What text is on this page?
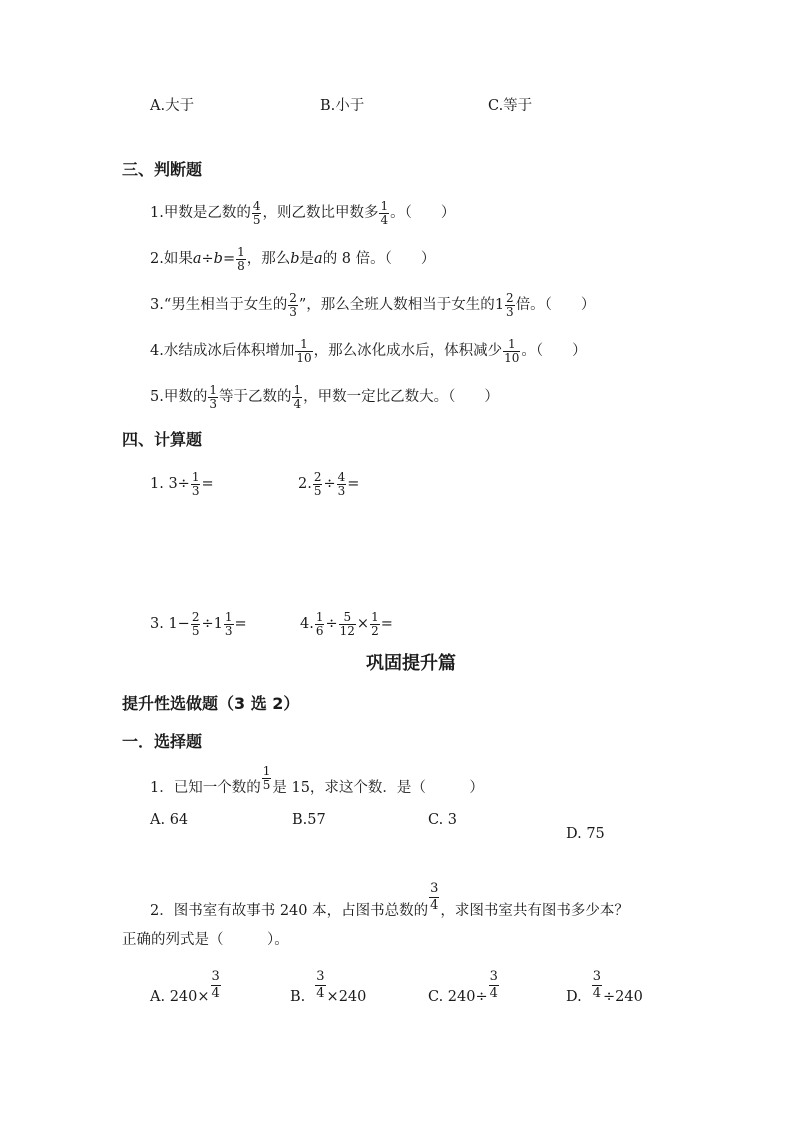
A.大于	B.小于	C.等于
三、判断题
1.甲数是乙数的 $\frac{4}{5}$ ，则乙数比甲数多 $\frac{1}{4}$ 。（　　）
2.如果 $a \div b = \frac{1}{8}$ ，那么 b 是 a 的 8 倍。（　　）
3.“男生相当于女生的 $\frac{2}{3}$ ”，那么全班人数相当于女生的 $1 \frac{2}{3}$ 倍。（　　）
4.水结成冰后体积增加 $\frac{1}{10}$ ，那么冰化成水后，体积减少 $\frac{1}{10}$ 。（　　）
5.甲数的 $\frac{1}{3}$ 等于乙数的 $\frac{1}{4}$ ，甲数一定比乙数大。（　　）
四、计算题
1. $3\div \frac{1}{3}$ =	2. $\frac{2}{5} \div \frac{4}{3}$ =
3. $1- \frac{2}{5} \div 1 \frac{1}{3}$ =	4. $\frac{1}{6} \div \frac{5}{12} \times \frac{1}{2}$ =
巩固提升篇
提升性选做题（3 选 2）
一．选择题
1．已知一个数的 $\frac{1}{5}$ 是 15，求这个数．是（　　　）
A. 64	B.57	C. 3
D. 75
2．图书室有故事书 240 本，占图书总数的 $\frac{3}{4}$ ，求图书室共有图书多少本？
正确的列式是（　　　）。
A. $240\times \frac{3}{4}$	B. $\frac{3}{4} \times 240$	C. $240\div \frac{3}{4}$	D. $\frac{3}{4} \div 240$
